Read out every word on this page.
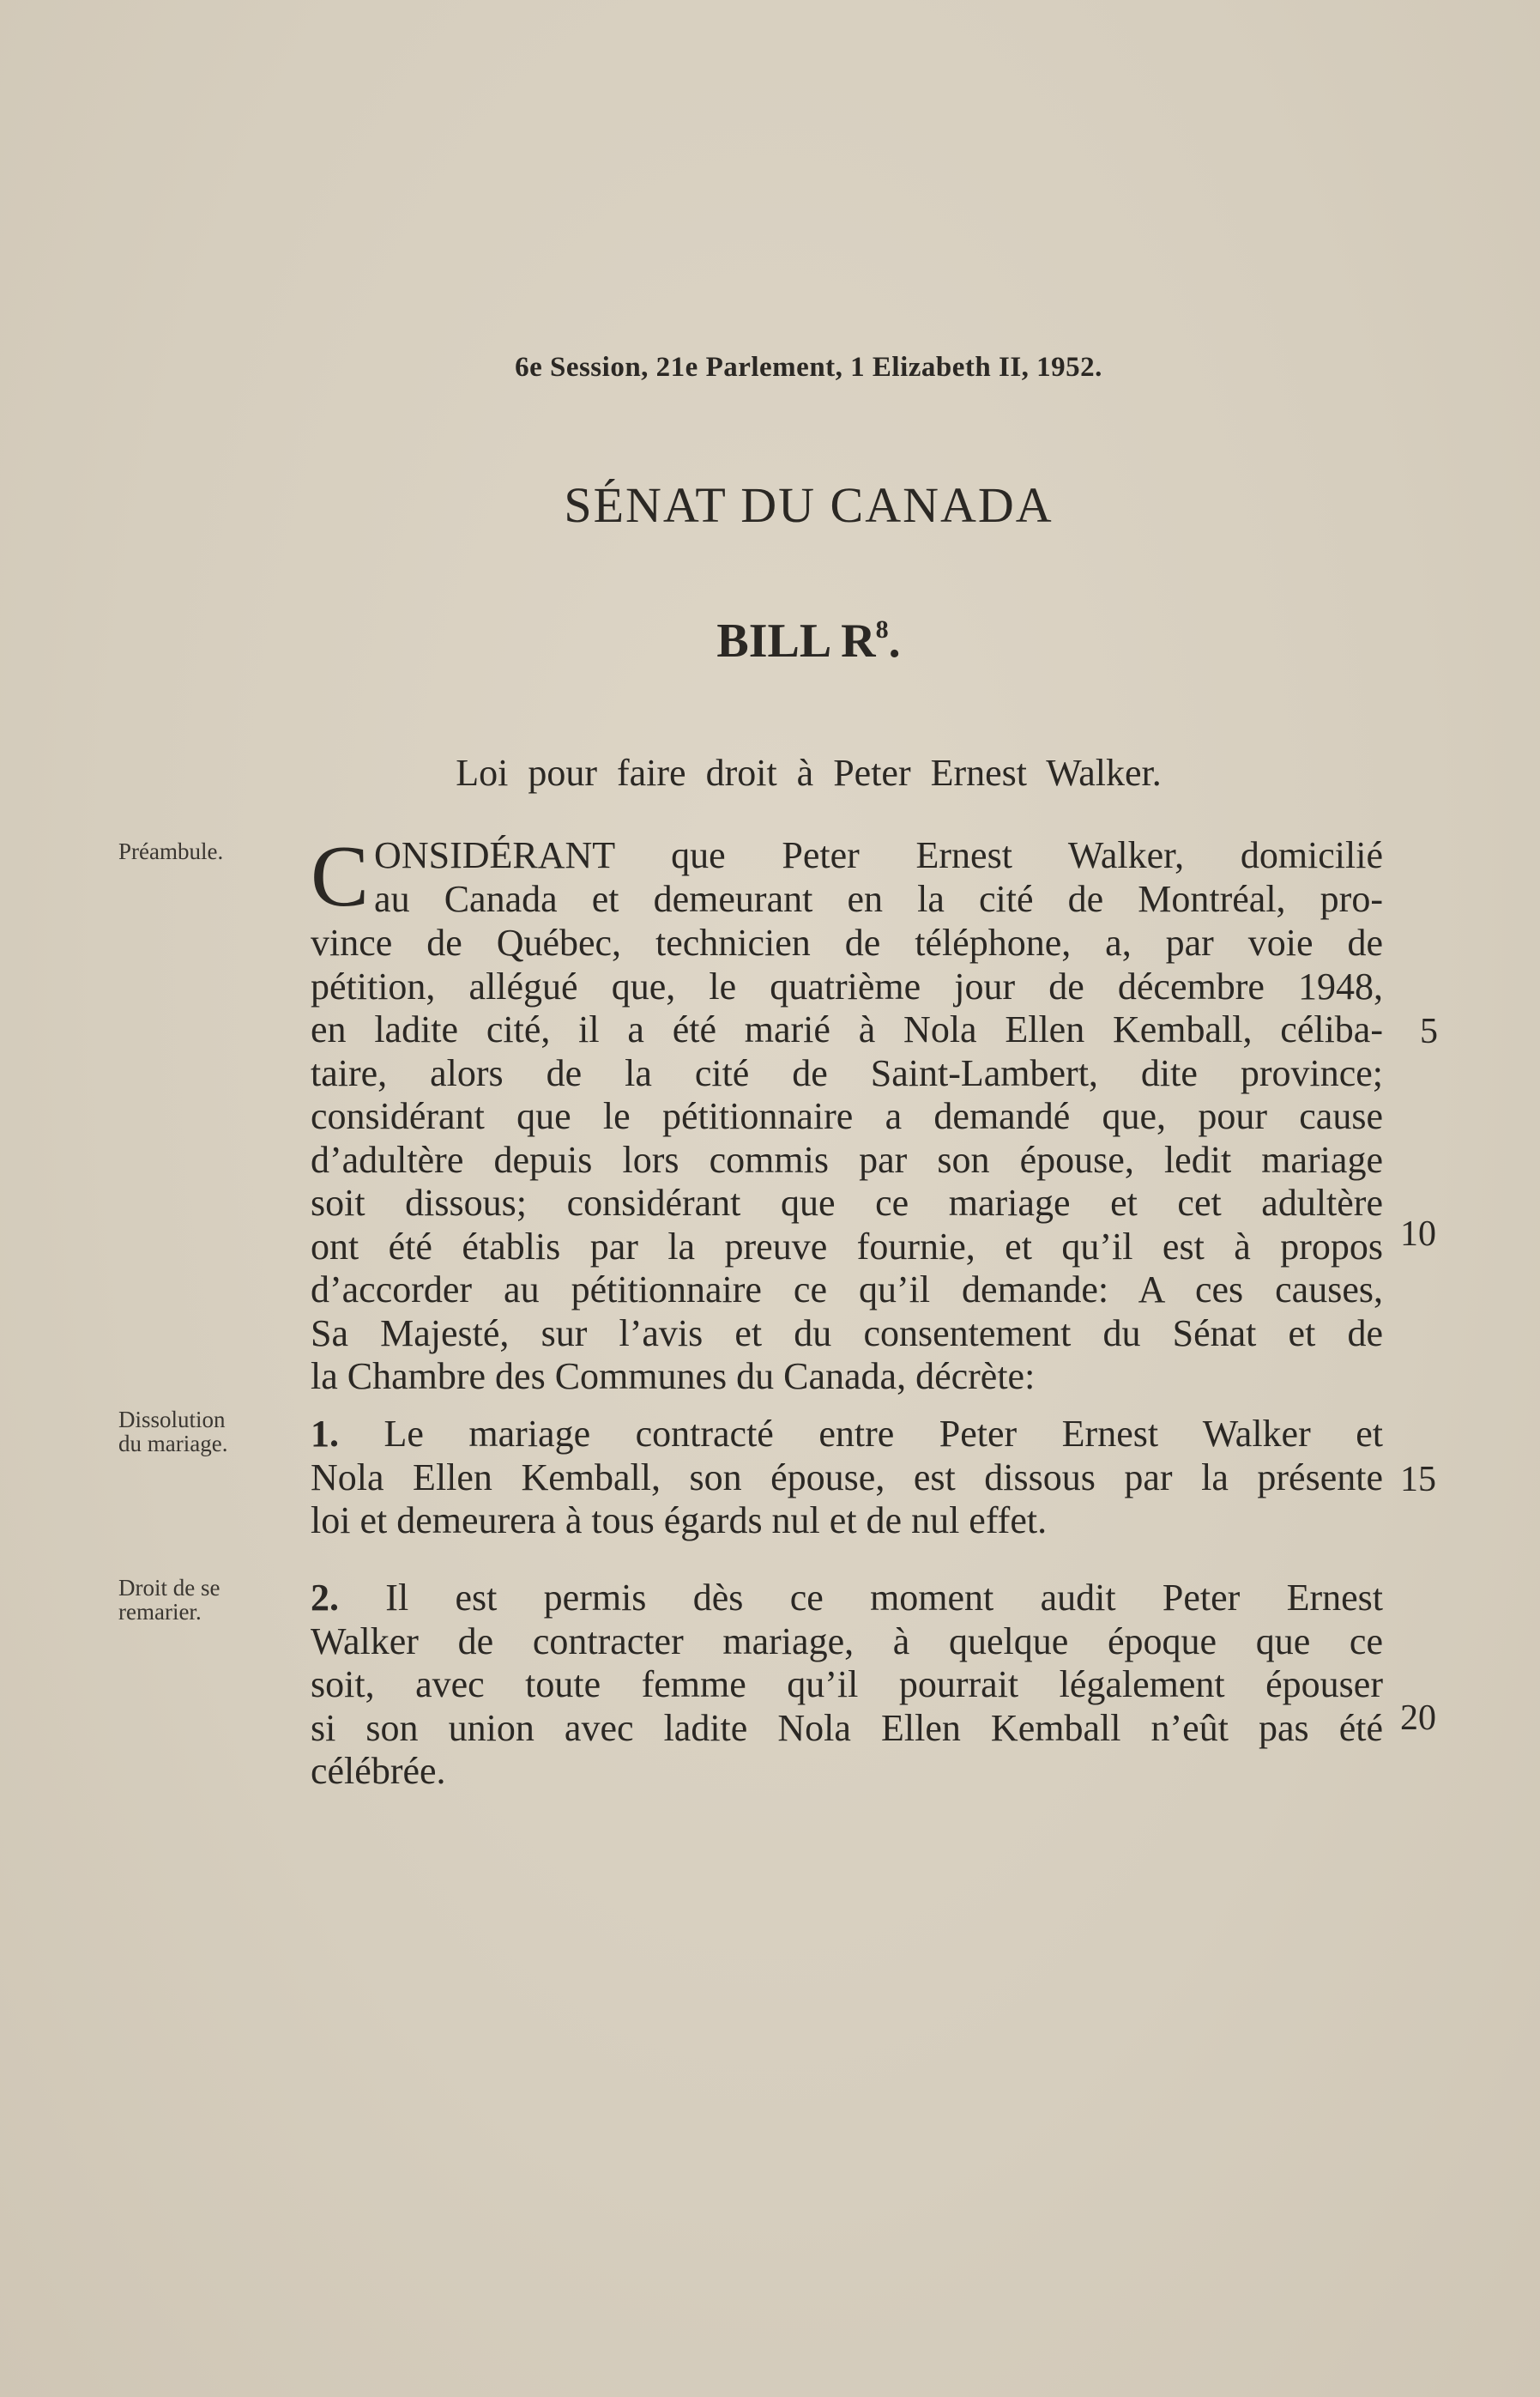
6e Session, 21e Parlement, 1 Elizabeth II, 1952.
SÉNAT DU CANADA
BILL $R^8$.
Loi pour faire droit à Peter Ernest Walker.
Préambule.
Dissolution
du mariage.
Droit de se
remarier.
C ONSIDÉRANT que Peter Ernest Walker, domicilié
au Canada et demeurant en la cité de Montréal, pro-
vince de Québec, technicien de téléphone, a, par voie de
pétition, allégué que, le quatrième jour de décembre 1948,
en ladite cité, il a été marié à Nola Ellen Kemball, céliba-
taire, alors de la cité de Saint-Lambert, dite province;
considérant que le pétitionnaire a demandé que, pour cause
d’adultère depuis lors commis par son épouse, ledit mariage
soit dissous; considérant que ce mariage et cet adultère
ont été établis par la preuve fournie, et qu’il est à propos
d’accorder au pétitionnaire ce qu’il demande: A ces causes,
Sa Majesté, sur l’avis et du consentement du Sénat et de
la Chambre des Communes du Canada, décrète:
1. Le mariage contracté entre Peter Ernest Walker et
Nola Ellen Kemball, son épouse, est dissous par la présente
loi et demeurera à tous égards nul et de nul effet.
2. Il est permis dès ce moment audit Peter Ernest
Walker de contracter mariage, à quelque époque que ce
soit, avec toute femme qu’il pourrait légalement épouser
si son union avec ladite Nola Ellen Kemball n’eût pas été
célébrée.
5
10
15
20
